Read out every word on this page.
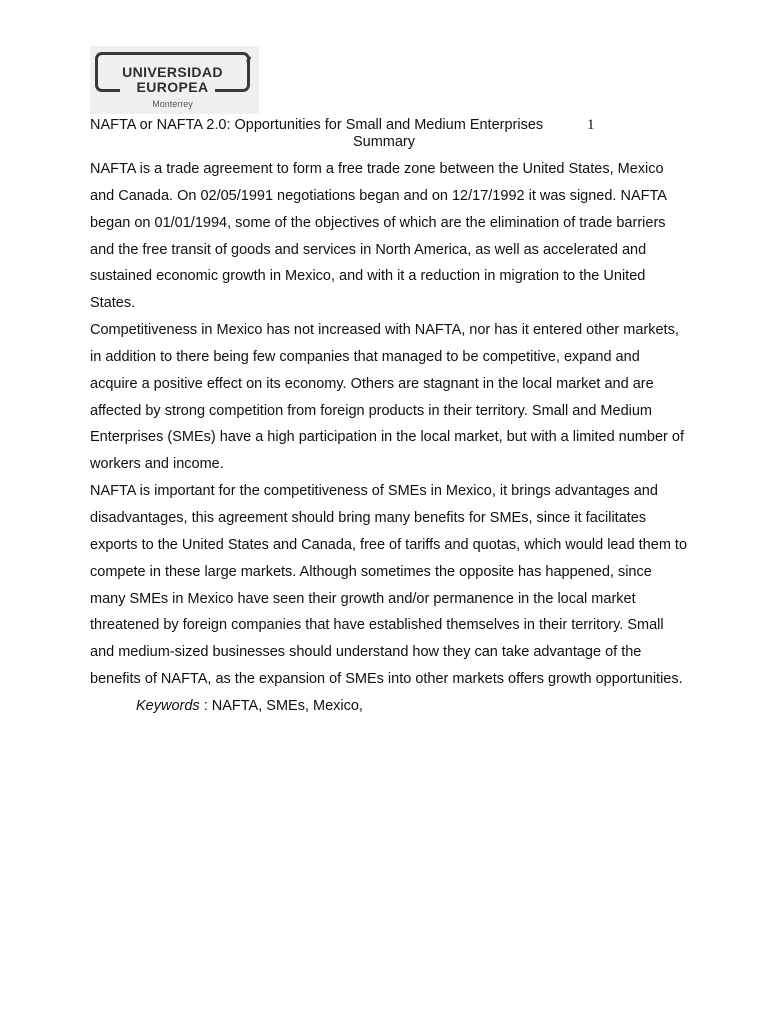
↗
UNIVERSIDAD
EUROPEA
Monterrey
NAFTA or NAFTA 2.0: Opportunities for Small and Medium Enterprises	1
Summary

NAFTA is a trade agreement to form a free trade zone between the United States, Mexico and Canada. On 02/05/1991 negotiations began and on 12/17/1992 it was signed. NAFTA began on 01/01/1994, some of the objectives of which are the elimination of trade barriers and the free transit of goods and services in North America, as well as accelerated and sustained economic growth in Mexico, and with it a reduction in migration to the United States.

Competitiveness in Mexico has not increased with NAFTA, nor has it entered other markets, in addition to there being few companies that managed to be competitive, expand and acquire a positive effect on its economy. Others are stagnant in the local market and are affected by strong competition from foreign products in their territory. Small and Medium Enterprises (SMEs) have a high participation in the local market, but with a limited number of workers and income.

NAFTA is important for the competitiveness of SMEs in Mexico, it brings advantages and disadvantages, this agreement should bring many benefits for SMEs, since it facilitates exports to the United States and Canada, free of tariffs and quotas, which would lead them to compete in these large markets. Although sometimes the opposite has happened, since many SMEs in Mexico have seen their growth and/or permanence in the local market threatened by foreign companies that have established themselves in their territory. Small and medium-sized businesses should understand how they can take advantage of the benefits of NAFTA, as the expansion of SMEs into other markets offers growth opportunities.

Keywords : NAFTA, SMEs, Mexico,
